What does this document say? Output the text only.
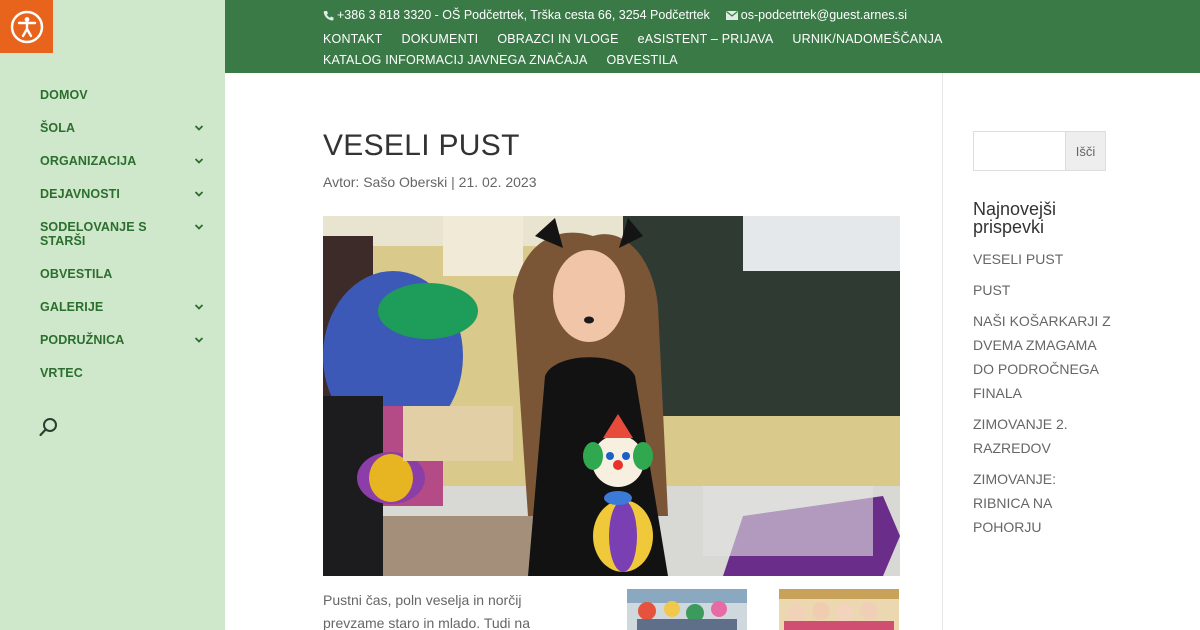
DOMOV
ŠOLA
ORGANIZACIJA
DEJAVNOSTI
SODELOVANJE S STARŠI
OBVESTILA
GALERIJE
PODRUŽNICA
VRTEC
+386 3 818 3320 - OŠ Podčetrtek, Trška cesta 66, 3254 Podčetrtek os-podcetrtek@guest.arnes.si
KONTAKT DOKUMENTI OBRAZCI IN VLOGE eASISTENT – PRIJAVA URNIK/NADOMEŠČANJA
KATALOG INFORMACIJ JAVNEGA ZNAČAJA OBVESTILA
VESELI PUST
Avtor: Sašo Oberski | 21. 02. 2023
Pustni čas, poln veselja in norčij prevzame staro in mlado. Tudi na
Išči
Najnovejši prispevki
VESELI PUST
PUST
NAŠI KOŠARKARJI Z DVEMA ZMAGAMA DO PODROČNEGA FINALA
ZIMOVANJE 2. RAZREDOV
ZIMOVANJE: RIBNICA NA POHORJU
